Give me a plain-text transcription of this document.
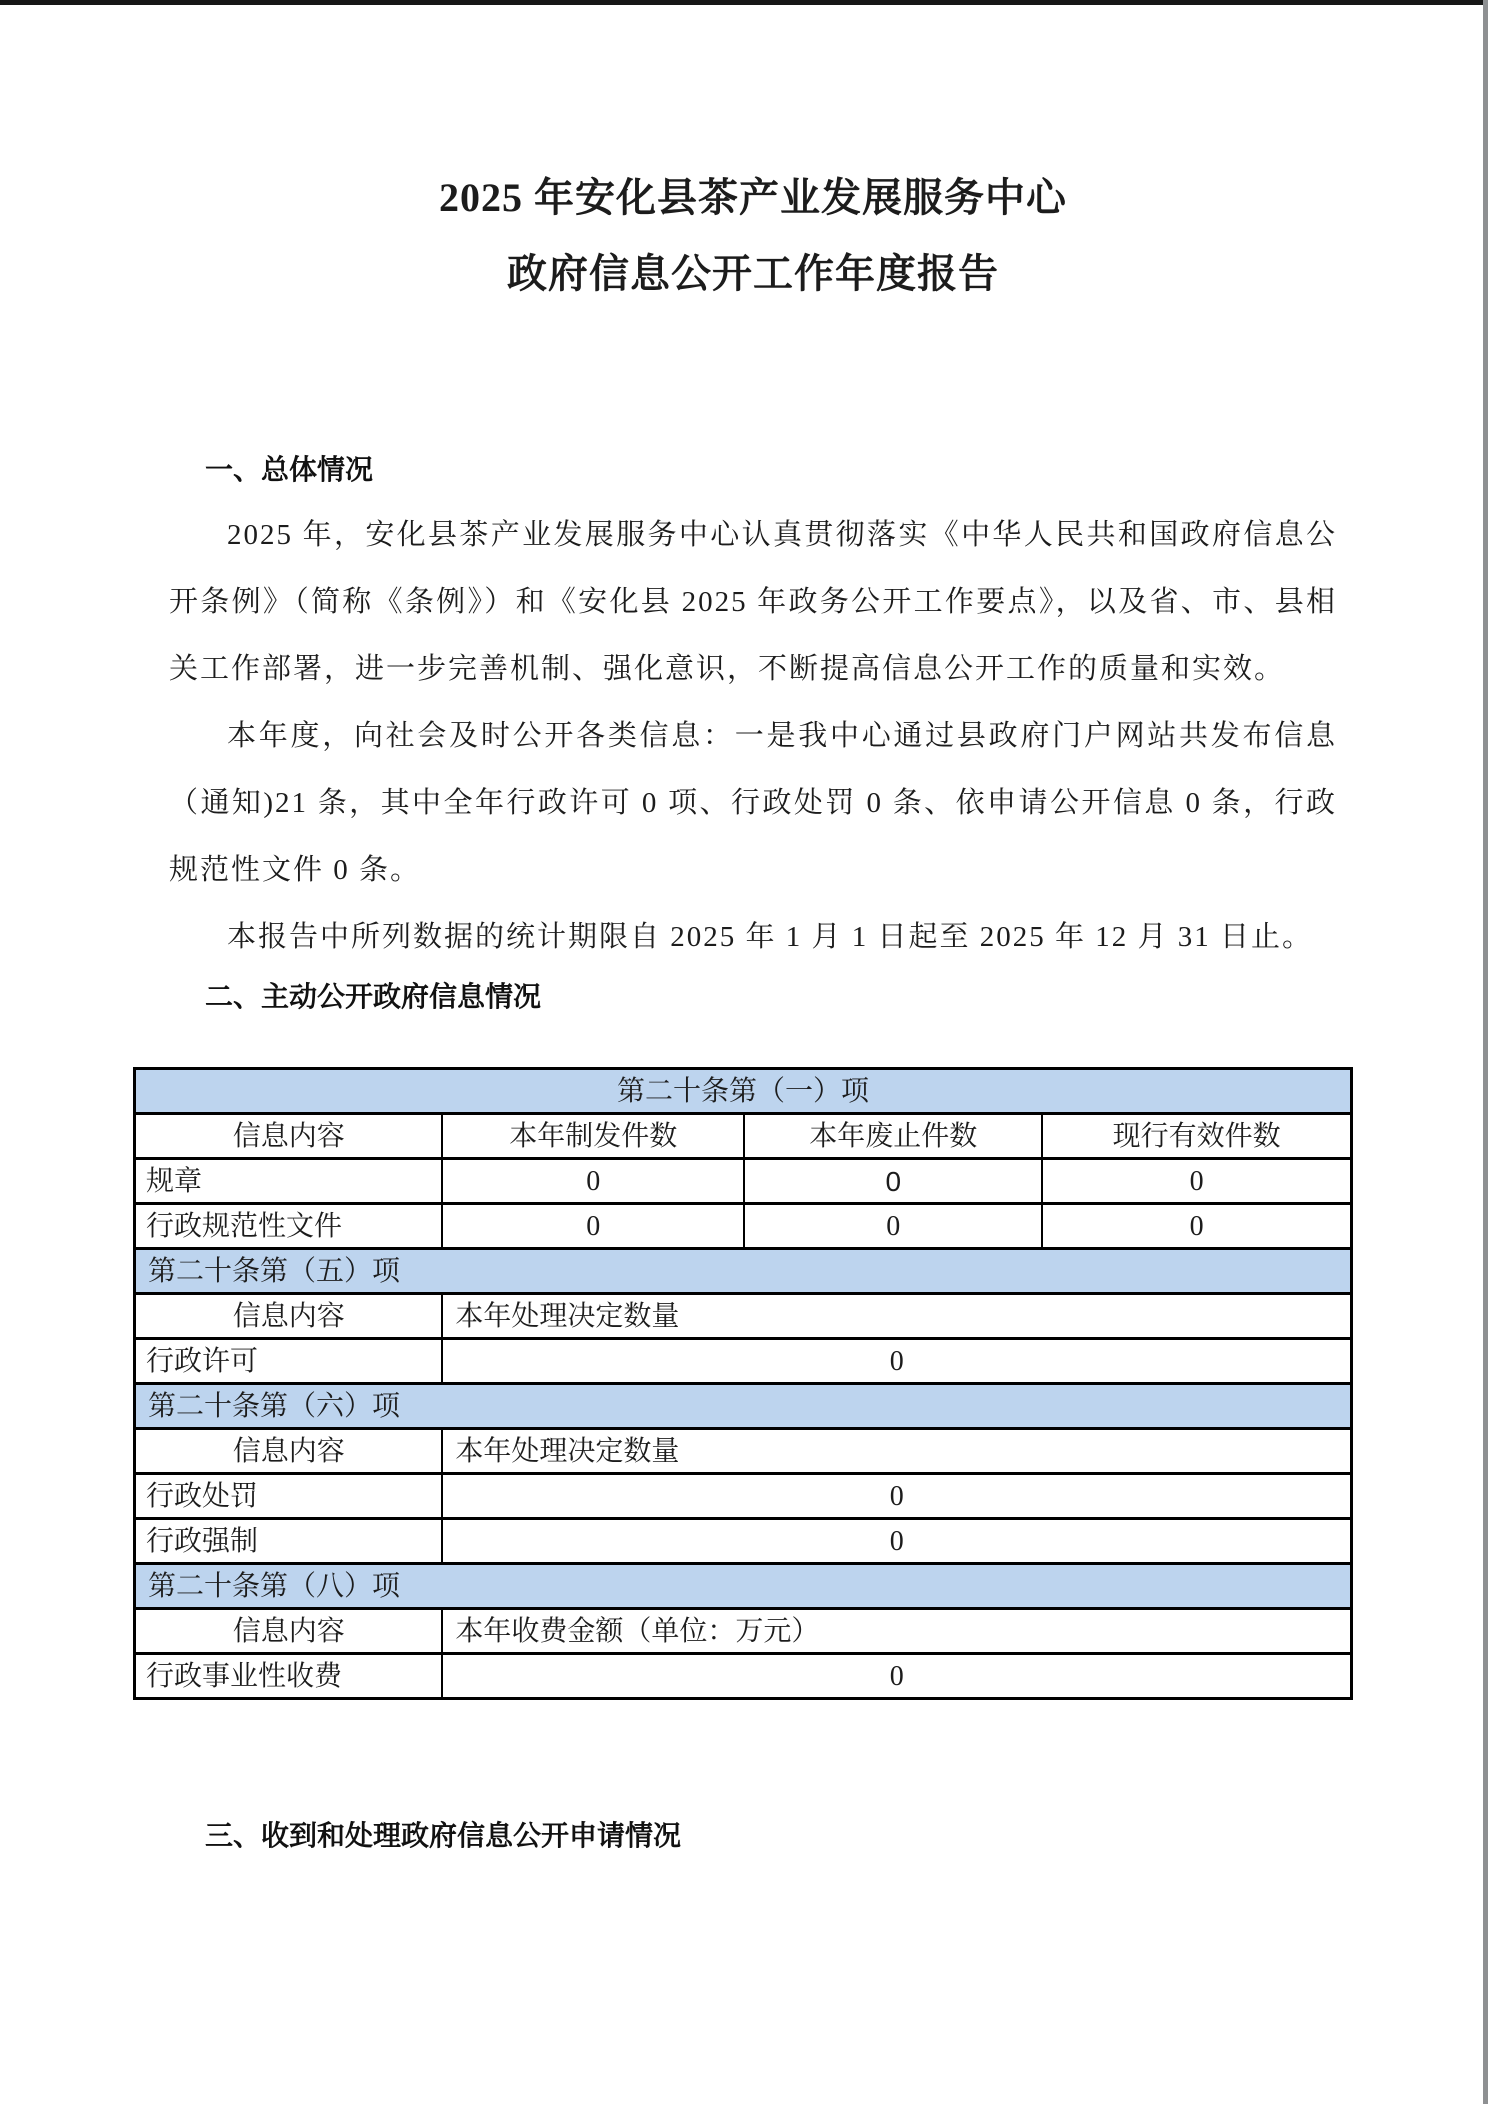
2025 年安化县茶产业发展服务中心
政府信息公开工作年度报告
一、总体情况

2025 年，安化县茶产业发展服务中心认真贯彻落实《中华人民共和国政府信息公开条例》（简称《条例》）和《安化县 2025 年政务公开工作要点》，以及省、市、县相关工作部署，进一步完善机制、强化意识，不断提高信息公开工作的质量和实效。

本年度，向社会及时公开各类信息：一是我中心通过县政府门户网站共发布信息（通知)21 条，其中全年行政许可 0 项、行政处罚 0 条、依申请公开信息 0 条，行政规范性文件 0 条。

本报告中所列数据的统计期限自 2025 年 1 月 1 日起至 2025 年 12 月 31 日止。

二、主动公开政府信息情况
第二十条第（一）项			
信息内容	本年制发件数	本年废止件数	现行有效件数
规章	0	0	0
行政规范性文件	0	0	0
第二十条第（五）项			
信息内容	本年处理决定数量		
行政许可	0		
第二十条第（六）项			
信息内容	本年处理决定数量		
行政处罚	0		
行政强制	0		
第二十条第（八）项			
信息内容	本年收费金额（单位：万元）		
行政事业性收费	0		
三、收到和处理政府信息公开申请情况
